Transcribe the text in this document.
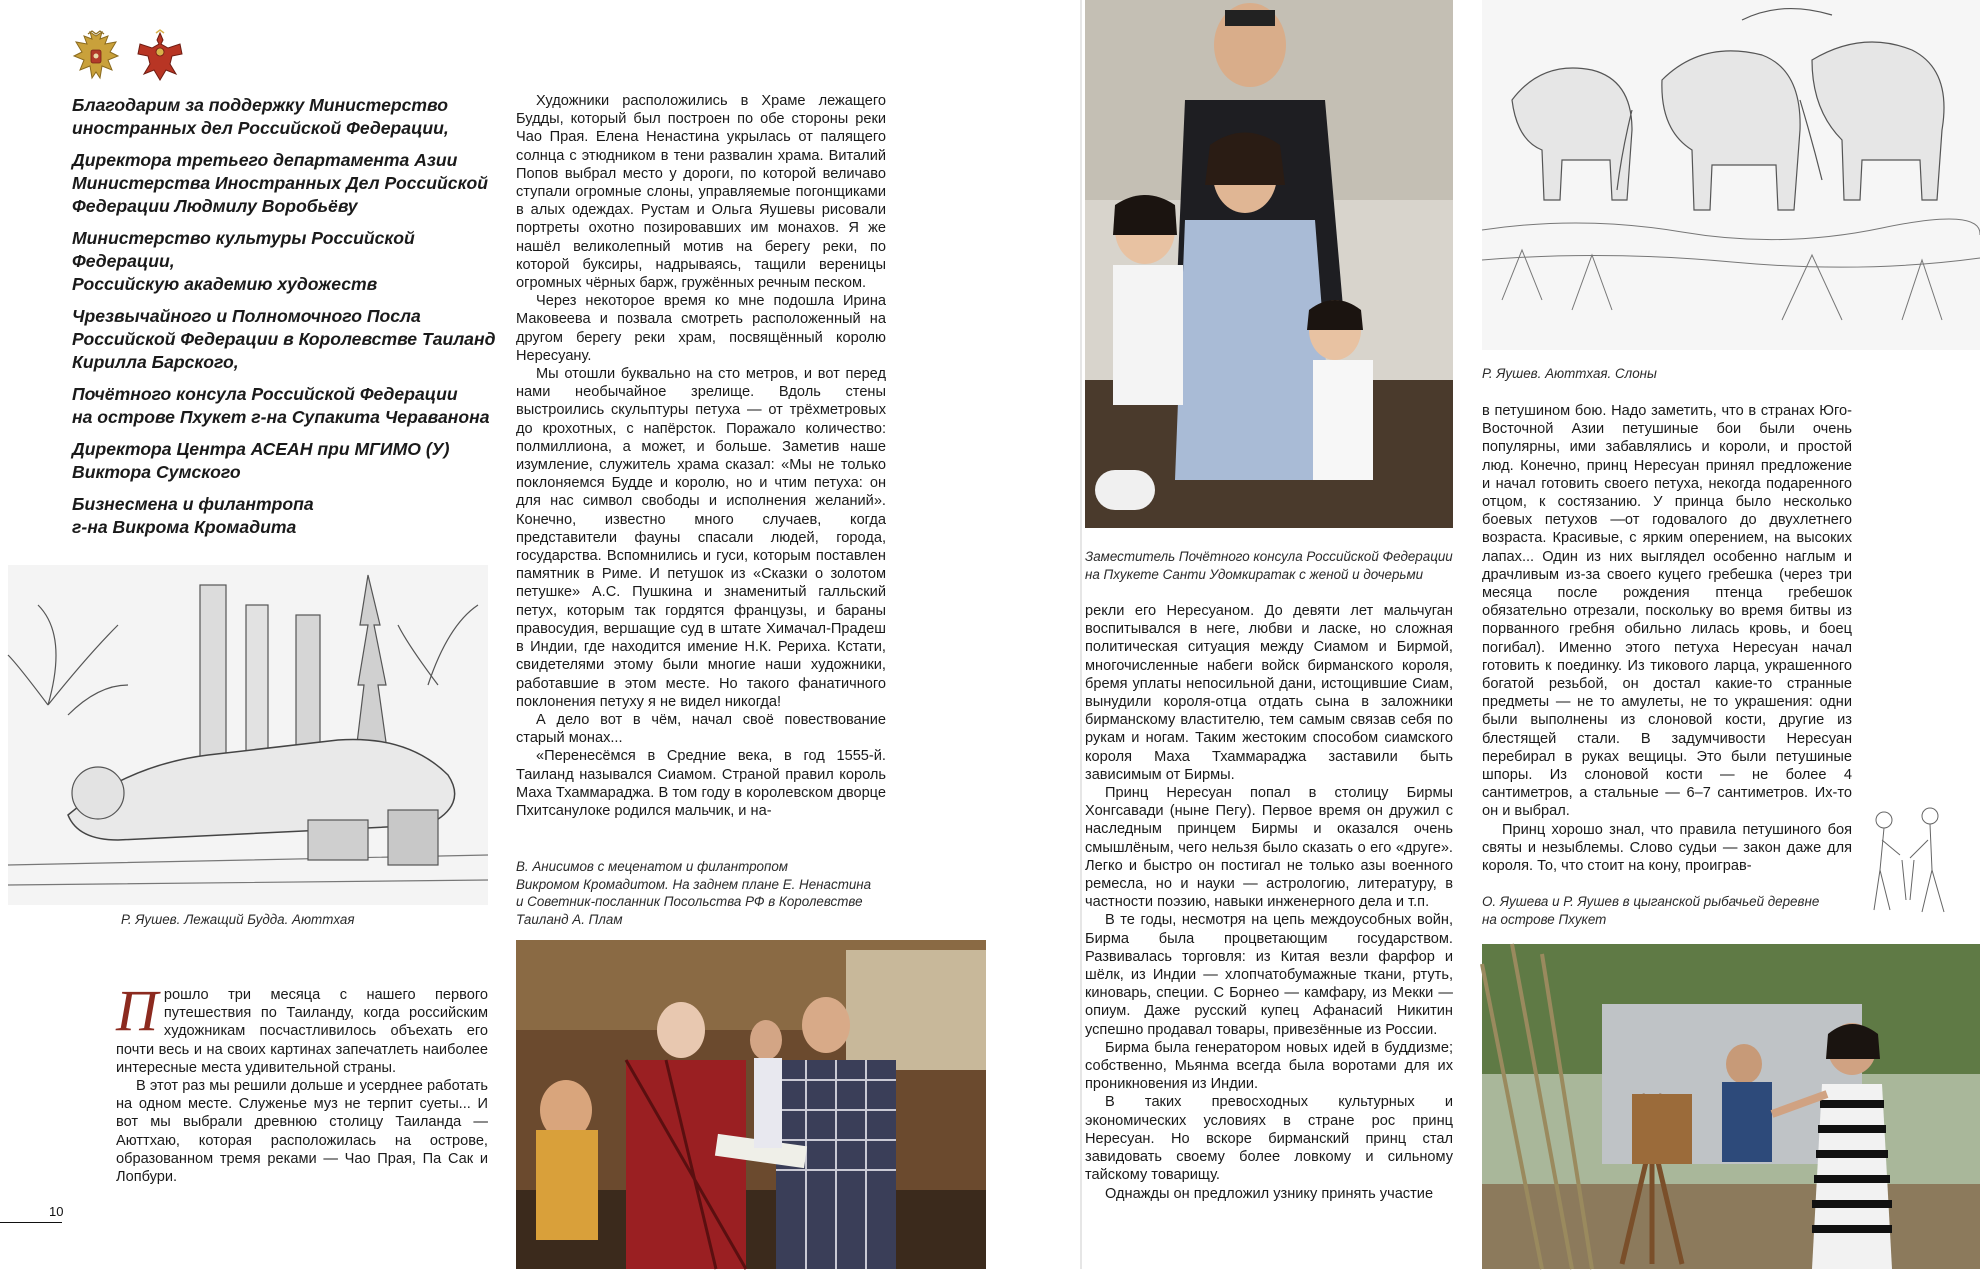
Благодарим за поддержку Министерство
иностранных дел Российской Федерации,

Директора третьего департамента Азии
Министерства Иностранных Дел Российской
Федерации Людмилу Воробьёву

Министерство культуры Российской Федерации,
Российскую академию художеств

Чрезвычайного и Полномочного Посла
Российской Федерации в Королевстве Таиланд
Кирилла Барского,

Почётного консула Российской Федерации
на острове Пхукет г-на Супакита Чераванона

Директора Центра АСЕАН при МГИМО (У)
Виктора Сумского

Бизнесмена и филантропа
г-на Викрома Кромадита

Р. Яушев. Лежащий Будда. Аюттхая

Прошло три месяца с нашего первого путешествия по Таиланду, когда российским художникам посчастливилось объехать его почти весь и на своих картинах запечатлеть наиболее интересные места удивительной страны.

В этот раз мы решили дольше и усерднее работать на одном месте. Служенье муз не терпит суеты... И вот мы выбрали древнюю столицу Таиланда — Аюттхаю, которая расположилась на острове, образованном тремя реками — Чао Прая, Па Сак и Лопбури.

10

Художники расположились в Храме лежащего Будды, который был построен по обе стороны реки Чао Прая. Елена Ненастина укрылась от палящего солнца с этюдником в тени развалин храма. Виталий Попов выбрал место у дороги, по которой величаво ступали огромные слоны, управляемые погонщиками в алых одеждах. Рустам и Ольга Яушевы рисовали портреты охотно позировавших им монахов. Я же нашёл великолепный мотив на берегу реки, по которой буксиры, надрываясь, тащили вереницы огромных чёрных барж, гружённых речным песком.

Через некоторое время ко мне подошла Ирина Маковеева и позвала смотреть расположенный на другом берегу реки храм, посвящённый королю Нересуану.

Мы отошли буквально на сто метров, и вот перед нами необычайное зрелище. Вдоль стены выстроились скульптуры петуха — от трёхметровых до крохотных, с напёрсток. Поражало количество: полмиллиона, а может, и больше. Заметив наше изумление, служитель храма сказал: «Мы не только поклоняемся Будде и королю, но и чтим петуха: он для нас символ свободы и исполнения желаний». Конечно, известно много случаев, когда представители фауны спасали людей, города, государства. Вспомнились и гуси, которым поставлен памятник в Риме. И петушок из «Сказки о золотом петушке» А.С. Пушкина и знаменитый галльский петух, которым так гордятся французы, и бараны правосудия, вершащие суд в штате Химачал-Прадеш в Индии, где находится имение Н.К. Рериха. Кстати, свидетелями этому были многие наши художники, работавшие в этом месте. Но такого фанатичного поклонения петуху я не видел никогда!

А дело вот в чём, начал своё повествование старый монах...

«Перенесёмся в Средние века, в год 1555-й. Таиланд назывался Сиамом. Страной правил король Маха Тхаммараджа. В том году в королевском дворце Пхитсанулоке родился мальчик, и на-

В. Анисимов с меценатом и филантропом
Викромом Кромадитом. На заднем плане Е. Ненастина
и Советник-посланник Посольства РФ в Королевстве
Таиланд А. Плам
Заместитель Почётного консула Российской Федерации
на Пхукете Санти Удомкиратак с женой и дочерьми

рекли его Нересуаном. До девяти лет мальчуган воспитывался в неге, любви и ласке, но сложная политическая ситуация между Сиамом и Бирмой, многочисленные набеги войск бирманского короля, бремя уплаты непосильной дани, истощившие Сиам, вынудили короля-отца отдать сына в заложники бирманскому властителю, тем самым связав себя по рукам и ногам. Таким жестоким способом сиамского короля Маха Тхаммараджа заставили быть зависимым от Бирмы.

Принц Нересуан попал в столицу Бирмы Хонгсавади (ныне Пегу). Первое время он дружил с наследным принцем Бирмы и оказался очень смышлёным, чего нельзя было сказать о его «друге». Легко и быстро он постигал не только азы военного ремесла, но и науки — астрологию, литературу, в частности поэзию, навыки инженерного дела и т.п.

В те годы, несмотря на цепь междоусобных войн, Бирма была процветающим государством. Развивалась торговля: из Китая везли фарфор и шёлк, из Индии — хлопчатобумажные ткани, ртуть, киноварь, специи. С Борнео — камфару, из Мекки — опиум. Даже русский купец Афанасий Никитин успешно продавал товары, привезённые из России.

Бирма была генератором новых идей в буддизме; собственно, Мьянма всегда была воротами для их проникновения из Индии.

В таких превосходных культурных и экономических условиях в стране рос принц Нересуан. Но вскоре бирманский принц стал завидовать своему более ловкому и сильному тайскому товарищу.

Однажды он предложил узнику принять участие

Р. Яушев. Аюттхая. Слоны

в петушином бою. Надо заметить, что в странах Юго-Восточной Азии петушиные бои были очень популярны, ими забавлялись и короли, и простой люд. Конечно, принц Нересуан принял предложение и начал готовить своего петуха, некогда подаренного отцом, к состязанию. У принца было несколько боевых петухов —от годовалого до двухлетнего возраста. Красивые, с ярким оперением, на высоких лапах... Один из них выглядел особенно наглым и драчливым из-за своего куцего гребешка (через три месяца после рождения птенца гребешок обязательно отрезали, поскольку во время битвы из порванного гребня обильно лилась кровь, и боец погибал). Именно этого петуха Нересуан начал готовить к поединку. Из тикового ларца, украшенного богатой резьбой, он достал какие-то странные предметы — не то амулеты, не то украшения: одни были выполнены из слоновой кости, другие из блестящей стали. В задумчивости Нересуан перебирал в руках вещицы. Это были петушиные шпоры. Из слоновой кости — не более 4 сантиметров, а стальные — 6–7 сантиметров. Их-то он и выбрал.

Принц хорошо знал, что правила петушиного боя святы и незыблемы. Слово судьи — закон даже для короля. То, что стоит на кону, проиграв-

О. Яушева и Р. Яушев в цыганской рыбачьей деревне
на острове Пхукет
